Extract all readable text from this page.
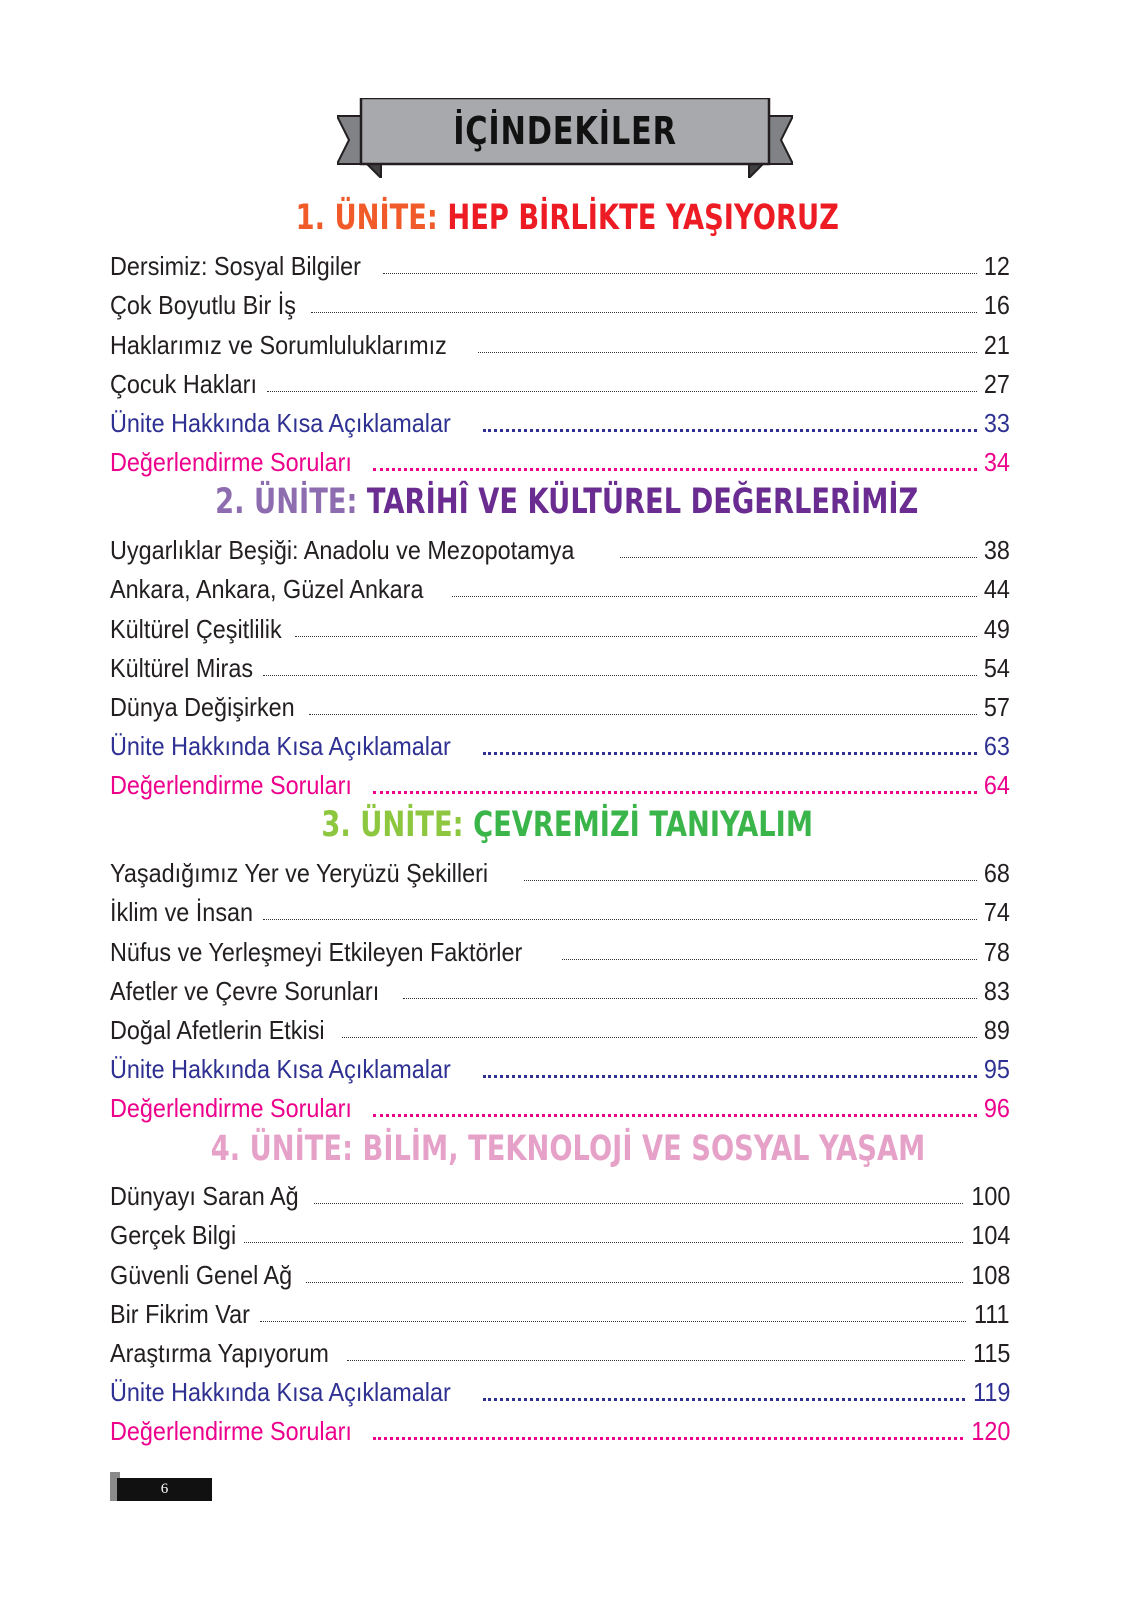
İÇİNDEKİLER
1. ÜNİTE: HEP BİRLİKTE YAŞIYORUZ
Dersimiz: Sosyal Bilgiler	12
Çok Boyutlu Bir İş	16
Haklarımız ve Sorumluluklarımız	21
Çocuk Hakları	27
Ünite Hakkında Kısa Açıklamalar	33
Değerlendirme Soruları	34
2. ÜNİTE: TARİHÎ VE KÜLTÜREL DEĞERLERİMİZ
Uygarlıklar Beşiği: Anadolu ve Mezopotamya	38
Ankara, Ankara, Güzel Ankara	44
Kültürel Çeşitlilik	49
Kültürel Miras	54
Dünya Değişirken	57
Ünite Hakkında Kısa Açıklamalar	63
Değerlendirme Soruları	64
3. ÜNİTE: ÇEVREMİZİ TANIYALIM
Yaşadığımız Yer ve Yeryüzü Şekilleri	68
İklim ve İnsan	74
Nüfus ve Yerleşmeyi Etkileyen Faktörler	78
Afetler ve Çevre Sorunları	83
Doğal Afetlerin Etkisi	89
Ünite Hakkında Kısa Açıklamalar	95
Değerlendirme Soruları	96
4. ÜNİTE: BİLİM, TEKNOLOJİ VE SOSYAL YAŞAM
Dünyayı Saran Ağ	100
Gerçek Bilgi	104
Güvenli Genel Ağ	108
Bir Fikrim Var	111
Araştırma Yapıyorum	115
Ünite Hakkında Kısa Açıklamalar	119
Değerlendirme Soruları	120
6
